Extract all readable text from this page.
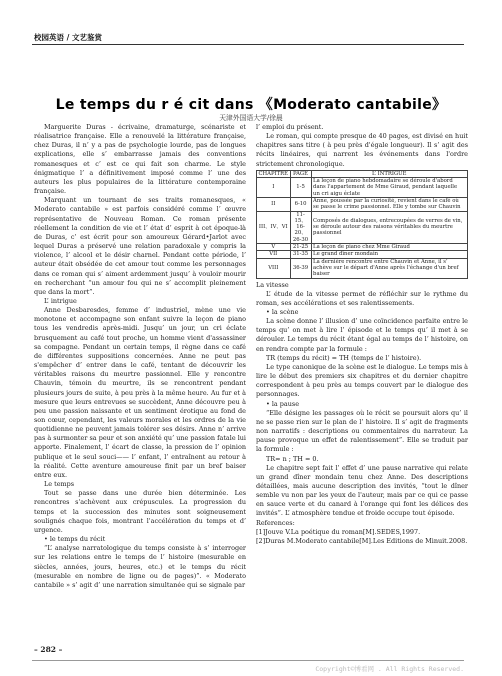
校园英语 / 文艺鉴赏
Le temps du r é cit dans 《Moderato cantabile》
天津外国语大学/徐晨

Marguerite Duras - écrivaine, dramaturge, scénariste et réalisatrice française. Elle a renouvelé la littérature française, chez Duras, il n’ y a pas de psychologie lourde, pas de longues explications, elle s’ embarrasse jamais des conventions romanesques et c’ est ce qui fait son charme. Le style énigmatique l’ a définitivement imposé comme l’ une des auteurs les plus populaires de la littérature contemporaine française.

Marquant un tournant de ses traits romanesques, « Moderato cantabile » est parfois considéré comme l’ œuvre représentative de Nouveau Roman. Ce roman présente réellement la condition de vie et l’ état d’ esprit à cet époque-là de Duras, c’ est écrit pour son amoureux Gérard•Jarlot avec lequel Duras a préservé une relation paradoxale y compris la violence, l’ alcool et le désir charnel. Pendant cette période, l’ auteur était obsédée de cet amour tout comme les personnages dans ce roman qui s’ aiment ardemment jusqu’ à vouloir mourir en recherchant “un amour fou qui ne s’ accomplit pleinement que dans la mort”.

L’ intrigue

Anne Desbaresdes, femme d’ industriel, mène une vie monotone et accompagne son enfant suivre la leçon de piano tous les vendredis après-midi. Jusqu’ un jour, un cri éclate brusquement au café tout proche, un homme vient d'assassiner sa compagne. Pendant un certain temps, il règne dans ce café de différentes suppositions concernées. Anne ne peut pas s'empêcher d’ entrer dans le café, tentant de découvrir les véritables raisons du meurtre passionnel. Elle y rencontre Chauvin, témoin du meurtre, ils se rencontrent pendant plusieurs jours de suite, à peu près à la même heure. Au fur et à mesure que leurs entrevues se succèdent, Anne découvre peu à peu une passion naissante et un sentiment érotique au fond de son cœur, cependant, les valeurs morales et les ordres de la vie quotidienne ne peuvent jamais tolérer ses désirs. Anne n’ arrive pas à surmonter sa peur et son anxiété qu’ une passion fatale lui apporte. Finalement, l’ écart de classe, la pression de l’ opinion publique et le seul souci—— l’ enfant, l’ entraînent au retour à la réalité. Cette aventure amoureuse finit par un bref baiser entre eux.

Le temps

Tout se passe dans une durée bien déterminée. Les rencontres s'achèvent aux crépuscules. La progression du temps et la succession des minutes sont soigneusement soulignés chaque fois, montrant l'accélération du temps et d’ urgence.

• le temps du récit

“L’ analyse narratologique du temps consiste à s’ interroger sur les relations entre le temps de l’ histoire (mesurable en siècles, années, jours, heures, etc.) et le temps du récit (mesurable en nombre de ligne ou de pages)”. « Moderato cantabile » s’ agit d’ une narration simultanée qui se signale par

l’ emploi du présent.

Le roman, qui compte presque de 40 pages, est divisé en huit chapitres sans titre ( à peu près d'égale longueur). Il s’ agit des récits linéaires, qui narrent les événements dans l'ordre strictement chronologique.

CHAPITRE	PAGE	L’ INTRIGUE
I	1-5	La leçon de piano hebdomadaire se déroule d'abord dans l'appartement de Mme Giraud, pendant laquelle un cri aigu éclate
II	6-10	Anne, poussée par la curiosité, revient dans le café où se passe le crime passionnel. Elle y tombe sur Chauvin
III、IV、VI	11-15、16-20、26-30	Composés de dialogues, entrecoupées de verres de vin, se déroule autour des raisons véritables du meurtre passionnel
V	21-25	La leçon de piano chez Mme Giraud
VII	31-35	Le grand dîner mondain
VIII	36-39	La dernière rencontre entre Chauvin et Anne, il s’ achève sur le départ d'Anne après l'échange d'un bref baiser

La vitesse

L’ étude de la vitesse permet de réfléchir sur le rythme du roman, ses accélérations et ses ralentissements.

• la scène

La scène donne l’ illusion d’ une coïncidence parfaite entre le temps qu’ on met à lire l’ épisode et le temps qu’ il met à se dérouler. Le temps du récit étant égal au temps de l’ histoire, on en rendra compte par la formule :

TR (temps du récit) = TH (temps de l’ histoire).

Le type canonique de la scène est le dialogue. Le temps mis à lire le début des premiers six chapitres et du dernier chapitre correspondent à peu près au temps couvert par le dialogue des personnages.

• la pause

“Elle désigne les passages où le récit se poursuit alors qu’ il ne se passe rien sur le plan de l’ histoire. Il s’ agit de fragments non narratifs : descriptions ou commentaires du narrateur. La pause provoque un effet de ralentissement”. Elle se traduit par la formule :

TR= n ; TH = 0.

Le chapitre sept fait l’ effet d’ une pause narrative qui relate un grand dîner mondain tenu chez Anne. Des descriptions détaillées, mais aucune description des invités, “tout le dîner semble vu non par les yeux de l'auteur, mais par ce qui ce passe en sauce verte et du canard à l'orange qui font les délices des invités”. L’ atmosphère tendue et froide occupe tout épisode.

References:

[1]Jouve V.La poétique du roman[M].SEDES,1997.

[2]Duras M.Moderato cantabile[M].Les Editions de Minuit.2008.

– 282 –
Copyright©博看网 . All Rights Reserved.
